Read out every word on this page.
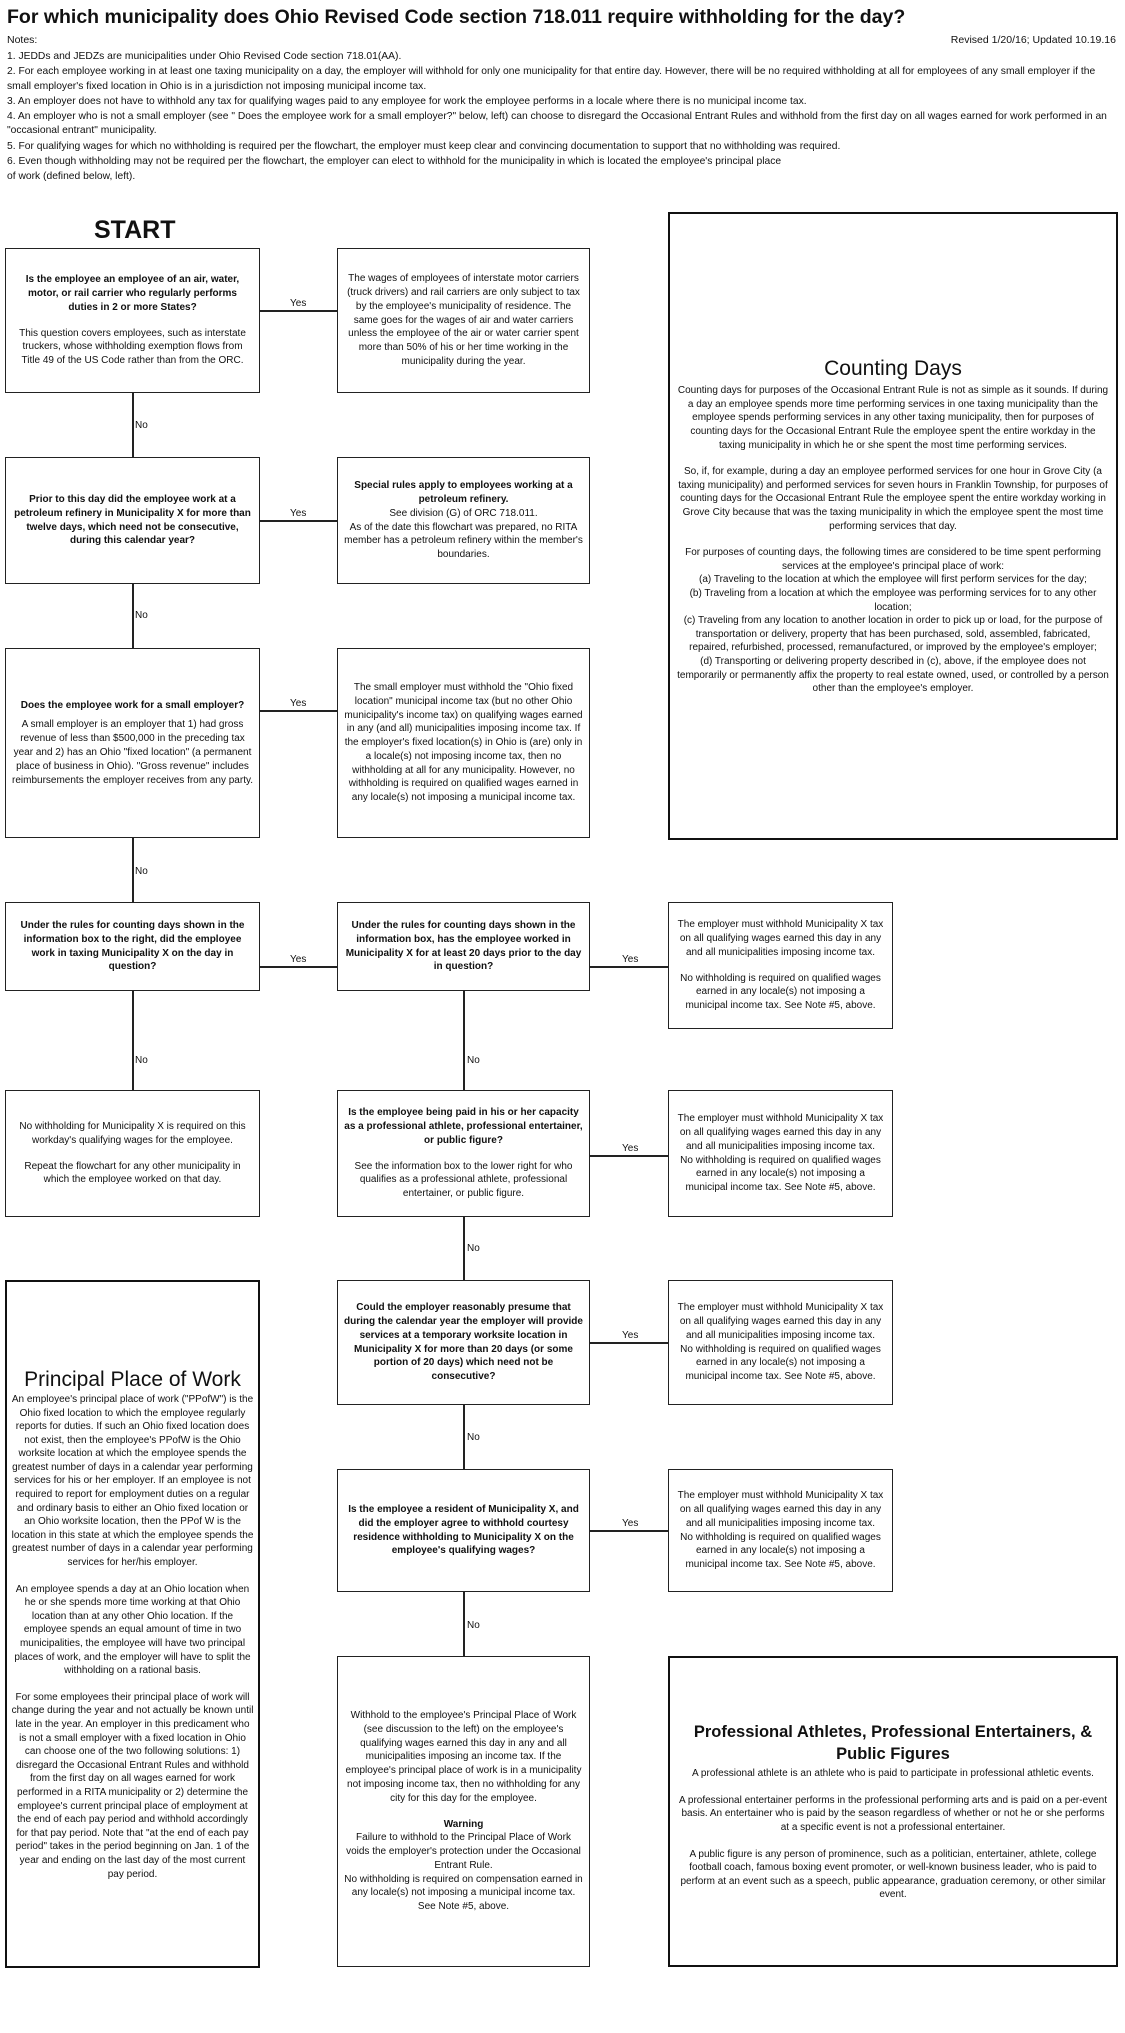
For which municipality does Ohio Revised Code section 718.011 require withholding for the day?
Notes:	Revised 1/20/16; Updated 10.19.16

1. JEDDs and JEDZs are municipalities under Ohio Revised Code section 718.01(AA).

2. For each employee working in at least one taxing municipality on a day, the employer will withhold for only one municipality for that entire day. However, there will be no required withholding at all for employees of any small employer if the small employer's fixed location in Ohio is in a jurisdiction not imposing municipal income tax.

3. An employer does not have to withhold any tax for qualifying wages paid to any employee for work the employee performs in a locale where there is no municipal income tax.

4. An employer who is not a small employer (see " Does the employee work for a small employer?" below, left) can choose to disregard the Occasional Entrant Rules and withhold from the first day on all wages earned for work performed in an "occasional entrant" municipality.

5. For qualifying wages for which no withholding is required per the flowchart, the employer must keep clear and convincing documentation to support that no withholding was required.

6. Even though withholding may not be required per the flowchart, the employer can elect to withhold for the municipality in which is located the employee's principal place

of work (defined below, left).

START
Yes
No
Yes
No
Yes
No
Yes	Yes
No	No
Yes
No
Yes
No
Yes
No

Is the employee an employee of an air, water, motor, or rail carrier who regularly performs duties in 2 or more States?

This question covers employees, such as interstate truckers, whose withholding exemption flows from Title 49 of the US Code rather than from the ORC.

The wages of employees of interstate motor carriers (truck drivers) and rail carriers are only subject to tax by the employee's municipality of residence. The same goes for the wages of air and water carriers unless the employee of the air or water carrier spent more than 50% of his or her time working in the municipality during the year.

Prior to this day did the employee work at a petroleum refinery in Municipality X for more than twelve days, which need not be consecutive, during this calendar year?

Special rules apply to employees working at a petroleum refinery.

See division (G) of ORC 718.011.

As of the date this flowchart was prepared, no RITA member has a petroleum refinery within the member's boundaries.

Does the employee work for a small employer?

A small employer is an employer that 1) had gross revenue of less than $500,000 in the preceding tax year and 2) has an Ohio "fixed location" (a permanent place of business in Ohio). "Gross revenue" includes reimbursements the employer receives from any party.

The small employer must withhold the "Ohio fixed location" municipal income tax (but no other Ohio municipality's income tax) on qualifying wages earned in any (and all) municipalities imposing income tax. If the employer's fixed location(s) in Ohio is (are) only in a locale(s) not imposing income tax, then no withholding at all for any municipality. However, no withholding is required on qualified wages earned in any locale(s) not imposing a municipal income tax.

Under the rules for counting days shown in the information box to the right, did the employee work in taxing Municipality X on the day in question?

Under the rules for counting days shown in the information box, has the employee worked in Municipality X for at least 20 days prior to the day in question?

The employer must withhold Municipality X tax on all qualifying wages earned this day in any and all municipalities imposing income tax.

No withholding is required on qualified wages earned in any locale(s) not imposing a municipal income tax. See Note #5, above.

No withholding for Municipality X is required on this workday's qualifying wages for the employee.

Repeat the flowchart for any other municipality in which the employee worked on that day.

Is the employee being paid in his or her capacity as a professional athlete, professional entertainer, or public figure?

See the information box to the lower right for who qualifies as a professional athlete, professional entertainer, or public figure.

The employer must withhold Municipality X tax on all qualifying wages earned this day in any and all municipalities imposing income tax.

No withholding is required on qualified wages earned in any locale(s) not imposing a municipal income tax. See Note #5, above.

Could the employer reasonably presume that during the calendar year the employer will provide services at a temporary worksite location in Municipality X for more than 20 days (or some portion of 20 days) which need not be consecutive?

The employer must withhold Municipality X tax on all qualifying wages earned this day in any and all municipalities imposing income tax.

No withholding is required on qualified wages earned in any locale(s) not imposing a municipal income tax. See Note #5, above.

Is the employee a resident of Municipality X, and did the employer agree to withhold courtesy residence withholding to Municipality X on the employee's qualifying wages?

The employer must withhold Municipality X tax on all qualifying wages earned this day in any and all municipalities imposing income tax.

No withholding is required on qualified wages earned in any locale(s) not imposing a municipal income tax. See Note #5, above.

Withhold to the employee's Principal Place of Work (see discussion to the left) on the employee's qualifying wages earned this day in any and all municipalities imposing an income tax. If the employee's principal place of work is in a municipality not imposing income tax, then no withholding for any city for this day for the employee.

Warning

Failure to withhold to the Principal Place of Work voids the employer's protection under the Occasional Entrant Rule.

No withholding is required on compensation earned in any locale(s) not imposing a municipal income tax. See Note #5, above.

Counting Days

Counting days for purposes of the Occasional Entrant Rule is not as simple as it sounds. If during a day an employee spends more time performing services in one taxing municipality than the employee spends performing services in any other taxing municipality, then for purposes of counting days for the Occasional Entrant Rule the employee spent the entire workday in the taxing municipality in which he or she spent the most time performing services.

So, if, for example, during a day an employee performed services for one hour in Grove City (a taxing municipality) and performed services for seven hours in Franklin Township, for purposes of counting days for the Occasional Entrant Rule the employee spent the entire workday working in Grove City because that was the taxing municipality in which the employee spent the most time performing services that day.

For purposes of counting days, the following times are considered to be time spent performing services at the employee's principal place of work:

(a) Traveling to the location at which the employee will first perform services for the day;

(b) Traveling from a location at which the employee was performing services for to any other location;

(c) Traveling from any location to another location in order to pick up or load, for the purpose of transportation or delivery, property that has been purchased, sold, assembled, fabricated, repaired, refurbished, processed, remanufactured, or improved by the employee's employer;

(d) Transporting or delivering property described in (c), above, if the employee does not temporarily or permanently affix the property to real estate owned, used, or controlled by a person other than the employee's employer.

Principal Place of Work

An employee's principal place of work ("PPofW") is the Ohio fixed location to which the employee regularly reports for duties. If such an Ohio fixed location does not exist, then the employee's PPofW is the Ohio worksite location at which the employee spends the greatest number of days in a calendar year performing services for his or her employer. If an employee is not required to report for employment duties on a regular and ordinary basis to either an Ohio fixed location or an Ohio worksite location, then the PPof W is the location in this state at which the employee spends the greatest number of days in a calendar year performing services for her/his employer.

An employee spends a day at an Ohio location when he or she spends more time working at that Ohio location than at any other Ohio location. If the employee spends an equal amount of time in two municipalities, the employee will have two principal places of work, and the employer will have to split the withholding on a rational basis.

For some employees their principal place of work will change during the year and not actually be known until late in the year. An employer in this predicament who is not a small employer with a fixed location in Ohio can choose one of the two following solutions: 1) disregard the Occasional Entrant Rules and withhold from the first day on all wages earned for work performed in a RITA municipality or 2) determine the employee's current principal place of employment at the end of each pay period and withhold accordingly for that pay period. Note that "at the end of each pay period" takes in the period beginning on Jan. 1 of the year and ending on the last day of the most current pay period.

Professional Athletes, Professional Entertainers, & Public Figures

A professional athlete is an athlete who is paid to participate in professional athletic events.

A professional entertainer performs in the professional performing arts and is paid on a per-event basis. An entertainer who is paid by the season regardless of whether or not he or she performs at a specific event is not a professional entertainer.

A public figure is any person of prominence, such as a politician, entertainer, athlete, college football coach, famous boxing event promoter, or well-known business leader, who is paid to perform at an event such as a speech, public appearance, graduation ceremony, or other similar event.
